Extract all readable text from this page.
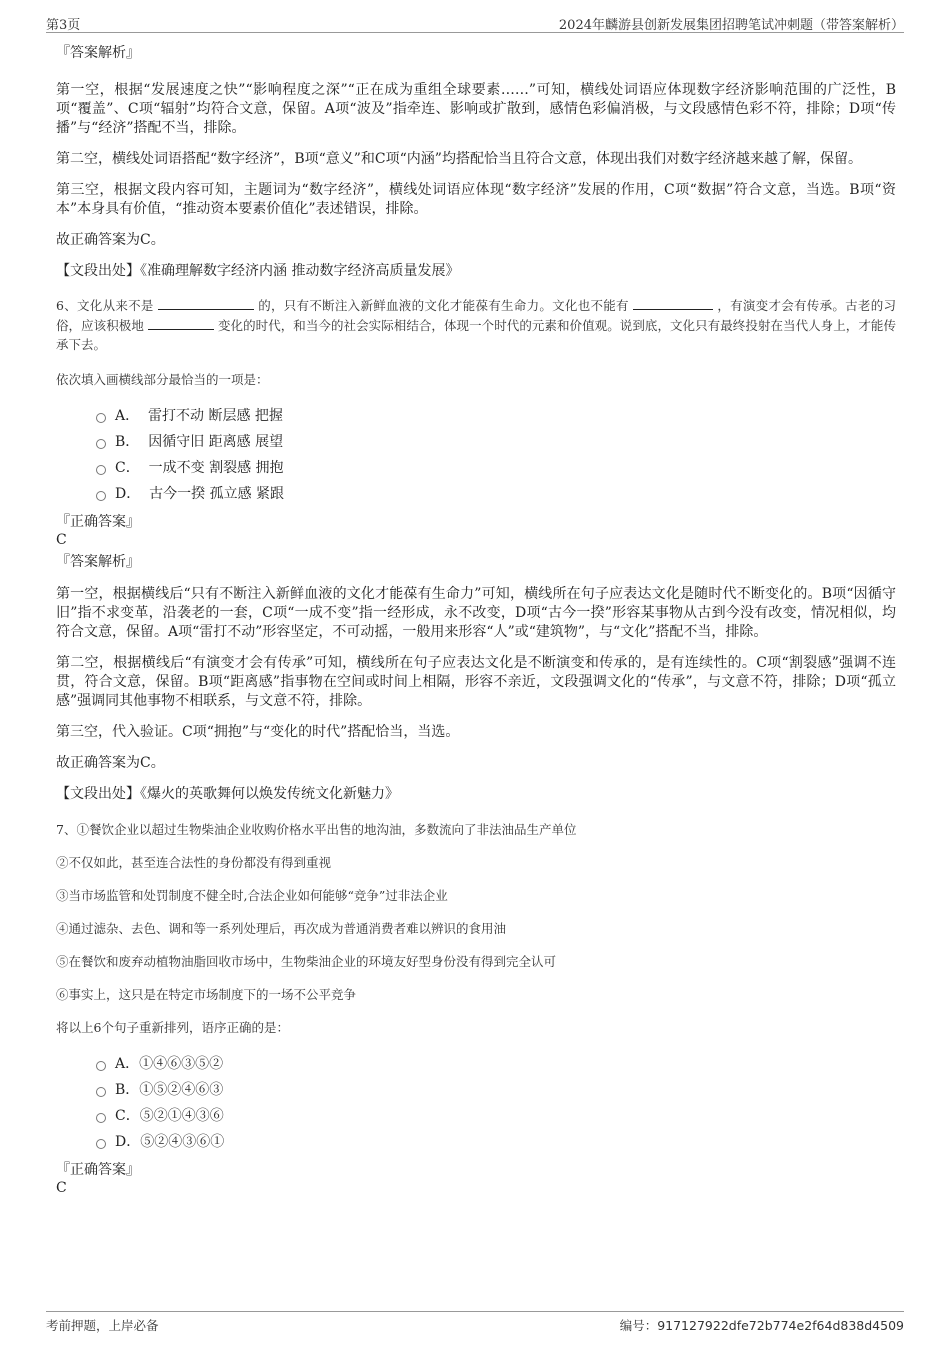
第3页	2024年麟游县创新发展集团招聘笔试冲刺题（带答案解析）

『答案解析』

第一空，根据“发展速度之快”“影响程度之深”“正在成为重组全球要素……”可知，横线处词语应体现数字经济影响范围的广泛性，B项“覆盖”、C项“辐射”均符合文意，保留。A项“波及”指牵连、影响或扩散到，感情色彩偏消极，与文段感情色彩不符，排除；D项“传播”与“经济”搭配不当，排除。

第二空，横线处词语搭配“数字经济”，B项“意义”和C项“内涵”均搭配恰当且符合文意，体现出我们对数字经济越来越了解，保留。

第三空，根据文段内容可知，主题词为“数字经济”，横线处词语应体现“数字经济”发展的作用，C项“数据”符合文意，当选。B项“资本”本身具有价值，“推动资本要素价值化”表述错误，排除。

故正确答案为C。

【文段出处】《准确理解数字经济内涵 推动数字经济高质量发展》

6、文化从来不是	的，只有不断注入新鲜血液的文化才能葆有生命力。文化也不能有	，有演变才会有传承。古老的习俗，应该积极地	变化的时代，和当今的社会实际相结合，体现一个时代的元素和价值观。说到底，文化只有最终投射在当代人身上，才能传承下去。

依次填入画横线部分最恰当的一项是：

A． 雷打不动 断层感 把握
B． 因循守旧 距离感 展望
C． 一成不变 割裂感 拥抱
D． 古今一揆 孤立感 紧跟

『正确答案』

C

『答案解析』

第一空，根据横线后“只有不断注入新鲜血液的文化才能葆有生命力”可知，横线所在句子应表达文化是随时代不断变化的。B项“因循守旧”指不求变革，沿袭老的一套，C项“一成不变”指一经形成，永不改变，D项“古今一揆”形容某事物从古到今没有改变，情况相似，均符合文意，保留。A项“雷打不动”形容坚定，不可动摇，一般用来形容“人”或“建筑物”，与“文化”搭配不当，排除。

第二空，根据横线后“有演变才会有传承”可知，横线所在句子应表达文化是不断演变和传承的，是有连续性的。C项“割裂感”强调不连贯，符合文意，保留。B项“距离感”指事物在空间或时间上相隔，形容不亲近，文段强调文化的“传承”，与文意不符，排除；D项“孤立感”强调同其他事物不相联系，与文意不符，排除。

第三空，代入验证。C项“拥抱”与“变化的时代”搭配恰当，当选。

故正确答案为C。

【文段出处】《爆火的英歌舞何以焕发传统文化新魅力》

7、①餐饮企业以超过生物柴油企业收购价格水平出售的地沟油，多数流向了非法油品生产单位

②不仅如此，甚至连合法性的身份都没有得到重视

③当市场监管和处罚制度不健全时,合法企业如何能够“竞争”过非法企业

④通过滤杂、去色、调和等一系列处理后，再次成为普通消费者难以辨识的食用油

⑤在餐饮和废弃动植物油脂回收市场中，生物柴油企业的环境友好型身份没有得到完全认可

⑥事实上，这只是在特定市场制度下的一场不公平竞争

将以上6个句子重新排列，语序正确的是：

A．①④⑥③⑤②
B．①⑤②④⑥③
C．⑤②①④③⑥
D．⑤②④③⑥①

『正确答案』

C

考前押题，上岸必备	编号：917127922dfe72b774e2f64d838d4509
